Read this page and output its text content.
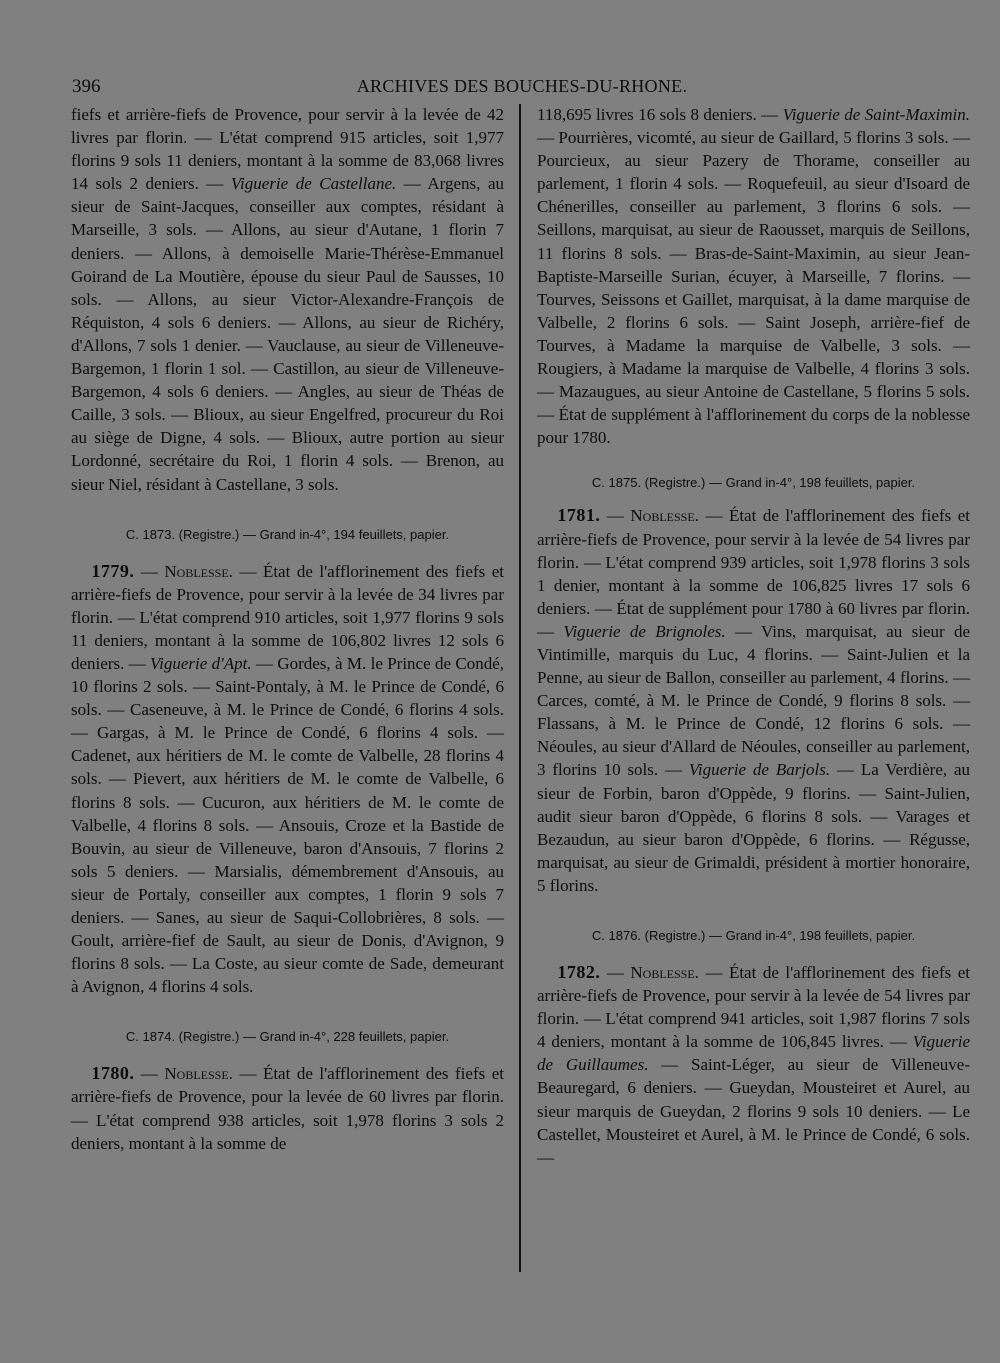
396	ARCHIVES DES BOUCHES-DU-RHONE.

fiefs et arrière-fiefs de Provence, pour servir à la levée de 42 livres par florin. — L'état comprend 915 articles, soit 1,977 florins 9 sols 11 deniers, montant à la somme de 83,068 livres 14 sols 2 deniers. — Viguerie de Castellane. — Argens, au sieur de Saint-Jacques, conseiller aux comptes, résidant à Marseille, 3 sols. — Allons, au sieur d'Autane, 1 florin 7 deniers. — Allons, à demoiselle Marie-Thérèse-Emmanuel Goirand de La Moutière, épouse du sieur Paul de Sausses, 10 sols. — Allons, au sieur Victor-Alexandre-François de Réquiston, 4 sols 6 deniers. — Allons, au sieur de Richéry, d'Allons, 7 sols 1 denier. — Vauclause, au sieur de Villeneuve-Bargemon, 1 florin 1 sol. — Castillon, au sieur de Villeneuve-Bargemon, 4 sols 6 deniers. — Angles, au sieur de Théas de Caille, 3 sols. — Blioux, au sieur Engelfred, procureur du Roi au siège de Digne, 4 sols. — Blioux, autre portion au sieur Lordonné, secrétaire du Roi, 1 florin 4 sols. — Brenon, au sieur Niel, résidant à Castellane, 3 sols.

C. 1873. (Registre.) — Grand in-4°, 194 feuillets, papier.

1779. — Noblesse. — État de l'afflorinement des fiefs et arrière-fiefs de Provence, pour servir à la levée de 34 livres par florin. — L'état comprend 910 articles, soit 1,977 florins 9 sols 11 deniers, montant à la somme de 106,802 livres 12 sols 6 deniers. — Viguerie d'Apt. — Gordes, à M. le Prince de Condé, 10 florins 2 sols. — Saint-Pontaly, à M. le Prince de Condé, 6 sols. — Caseneuve, à M. le Prince de Condé, 6 florins 4 sols. — Gargas, à M. le Prince de Condé, 6 florins 4 sols. — Cadenet, aux héritiers de M. le comte de Valbelle, 28 florins 4 sols. — Pievert, aux héritiers de M. le comte de Valbelle, 6 florins 8 sols. — Cucuron, aux héritiers de M. le comte de Valbelle, 4 florins 8 sols. — Ansouis, Croze et la Bastide de Bouvin, au sieur de Villeneuve, baron d'Ansouis, 7 florins 2 sols 5 deniers. — Marsialis, démembrement d'Ansouis, au sieur de Portaly, conseiller aux comptes, 1 florin 9 sols 7 deniers. — Sanes, au sieur de Saqui-Collobrières, 8 sols. — Goult, arrière-fief de Sault, au sieur de Donis, d'Avignon, 9 florins 8 sols. — La Coste, au sieur comte de Sade, demeurant à Avignon, 4 florins 4 sols.

C. 1874. (Registre.) — Grand in-4°, 228 feuillets, papier.

1780. — Noblesse. — État de l'afflorinement des fiefs et arrière-fiefs de Provence, pour la levée de 60 livres par florin. — L'état comprend 938 articles, soit 1,978 florins 3 sols 2 deniers, montant à la somme de

118,695 livres 16 sols 8 deniers. — Viguerie de Saint-Maximin. — Pourrières, vicomté, au sieur de Gaillard, 5 florins 3 sols. — Pourcieux, au sieur Pazery de Thorame, conseiller au parlement, 1 florin 4 sols. — Roquefeuil, au sieur d'Isoard de Chénerilles, conseiller au parlement, 3 florins 6 sols. — Seillons, marquisat, au sieur de Raousset, marquis de Seillons, 11 florins 8 sols. — Bras-de-Saint-Maximin, au sieur Jean-Baptiste-Marseille Surian, écuyer, à Marseille, 7 florins. — Tourves, Seissons et Gaillet, marquisat, à la dame marquise de Valbelle, 2 florins 6 sols. — Saint Joseph, arrière-fief de Tourves, à Madame la marquise de Valbelle, 3 sols. — Rougiers, à Madame la marquise de Valbelle, 4 florins 3 sols. — Mazaugues, au sieur Antoine de Castellane, 5 florins 5 sols. — État de supplément à l'afflorinement du corps de la noblesse pour 1780.

C. 1875. (Registre.) — Grand in-4°, 198 feuillets, papier.

1781. — Noblesse. — État de l'afflorinement des fiefs et arrière-fiefs de Provence, pour servir à la levée de 54 livres par florin. — L'état comprend 939 articles, soit 1,978 florins 3 sols 1 denier, montant à la somme de 106,825 livres 17 sols 6 deniers. — État de supplément pour 1780 à 60 livres par florin. — Viguerie de Brignoles. — Vins, marquisat, au sieur de Vintimille, marquis du Luc, 4 florins. — Saint-Julien et la Penne, au sieur de Ballon, conseiller au parlement, 4 florins. — Carces, comté, à M. le Prince de Condé, 9 florins 8 sols. — Flassans, à M. le Prince de Condé, 12 florins 6 sols. — Néoules, au sieur d'Allard de Néoules, conseiller au parlement, 3 florins 10 sols. — Viguerie de Barjols. — La Verdière, au sieur de Forbin, baron d'Oppède, 9 florins. — Saint-Julien, audit sieur baron d'Oppède, 6 florins 8 sols. — Varages et Bezaudun, au sieur baron d'Oppède, 6 florins. — Régusse, marquisat, au sieur de Grimaldi, président à mortier honoraire, 5 florins.

C. 1876. (Registre.) — Grand in-4°, 198 feuillets, papier.

1782. — Noblesse. — État de l'afflorinement des fiefs et arrière-fiefs de Provence, pour servir à la levée de 54 livres par florin. — L'état comprend 941 articles, soit 1,987 florins 7 sols 4 deniers, montant à la somme de 106,845 livres. — Viguerie de Guillaumes. — Saint-Léger, au sieur de Villeneuve-Beauregard, 6 deniers. — Gueydan, Mousteiret et Aurel, au sieur marquis de Gueydan, 2 florins 9 sols 10 deniers. — Le Castellet, Mousteiret et Aurel, à M. le Prince de Condé, 6 sols. —
